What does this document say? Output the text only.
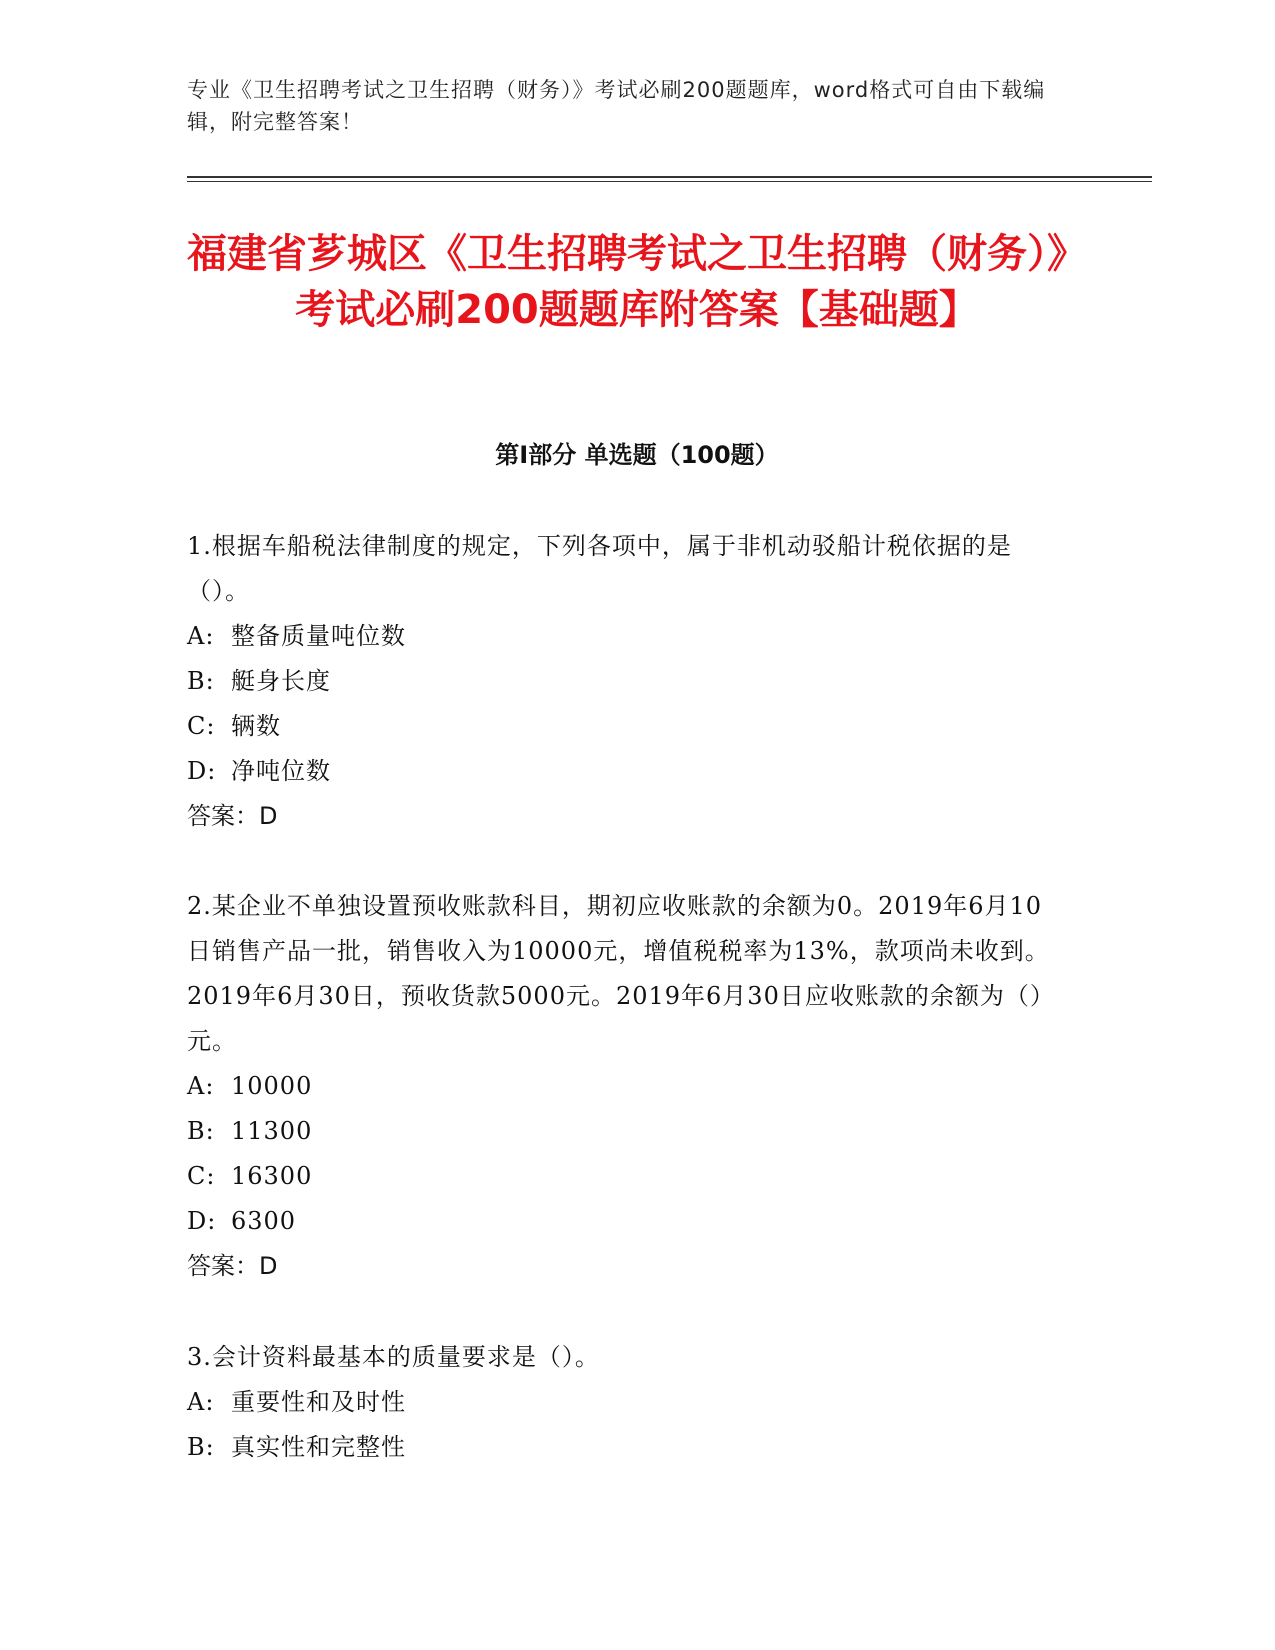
专业《卫生招聘考试之卫生招聘（财务）》考试必刷200题题库，word格式可自由下载编辑，附完整答案！
福建省芗城区《卫生招聘考试之卫生招聘（财务）》考试必刷200题题库附答案【基础题】
第I部分 单选题（100题）

1.根据车船税法律制度的规定，下列各项中，属于非机动驳船计税依据的是（）。

A: 整备质量吨位数

B: 艇身长度

C: 辆数

D: 净吨位数

答案：D

2.某企业不单独设置预收账款科目，期初应收账款的余额为0。2019年6月10日销售产品一批，销售收入为10000元，增值税税率为13%，款项尚未收到。2019年6月30日，预收货款5000元。2019年6月30日应收账款的余额为（）元。

A: 10000

B: 11300

C: 16300

D: 6300

答案：D

3.会计资料最基本的质量要求是（）。

A: 重要性和及时性

B: 真实性和完整性
